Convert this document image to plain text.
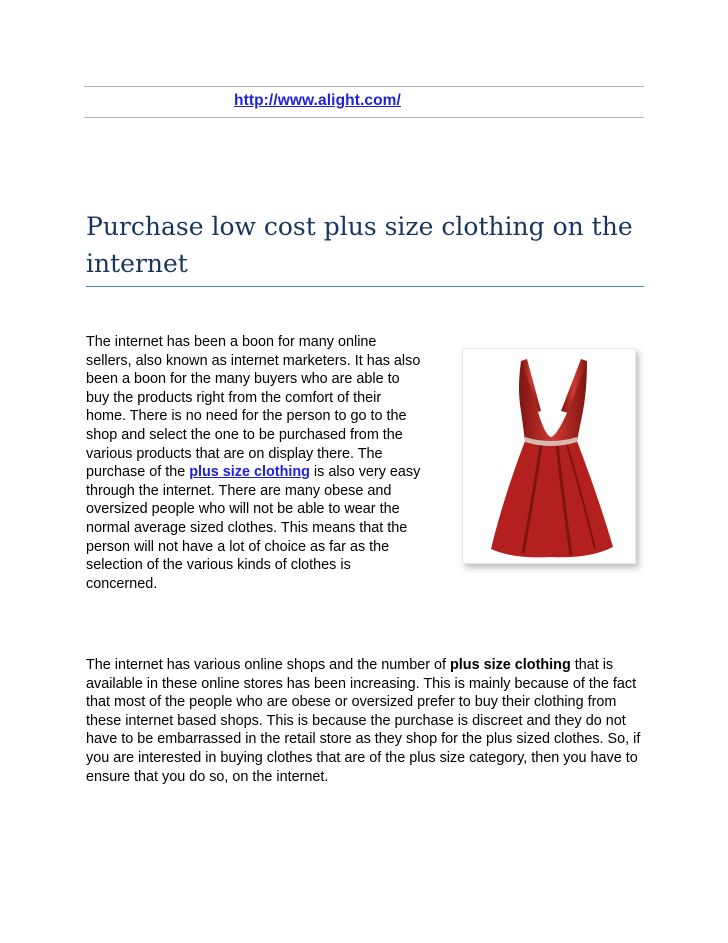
http://www.alight.com/
Purchase low cost plus size clothing on the internet

The internet has been a boon for many online sellers, also known as internet marketers. It has also been a boon for the many buyers who are able to buy the products right from the comfort of their home. There is no need for the person to go to the shop and select the one to be purchased from the various products that are on display there. The purchase of the plus size clothing is also very easy through the internet. There are many obese and oversized people who will not be able to wear the normal average sized clothes. This means that the person will not have a lot of choice as far as the selection of the various kinds of clothes is concerned.

The internet has various online shops and the number of plus size clothing that is available in these online stores has been increasing. This is mainly because of the fact that most of the people who are obese or oversized prefer to buy their clothing from these internet based shops. This is because the purchase is discreet and they do not have to be embarrassed in the retail store as they shop for the plus sized clothes. So, if you are interested in buying clothes that are of the plus size category, then you have to ensure that you do so, on the internet.
